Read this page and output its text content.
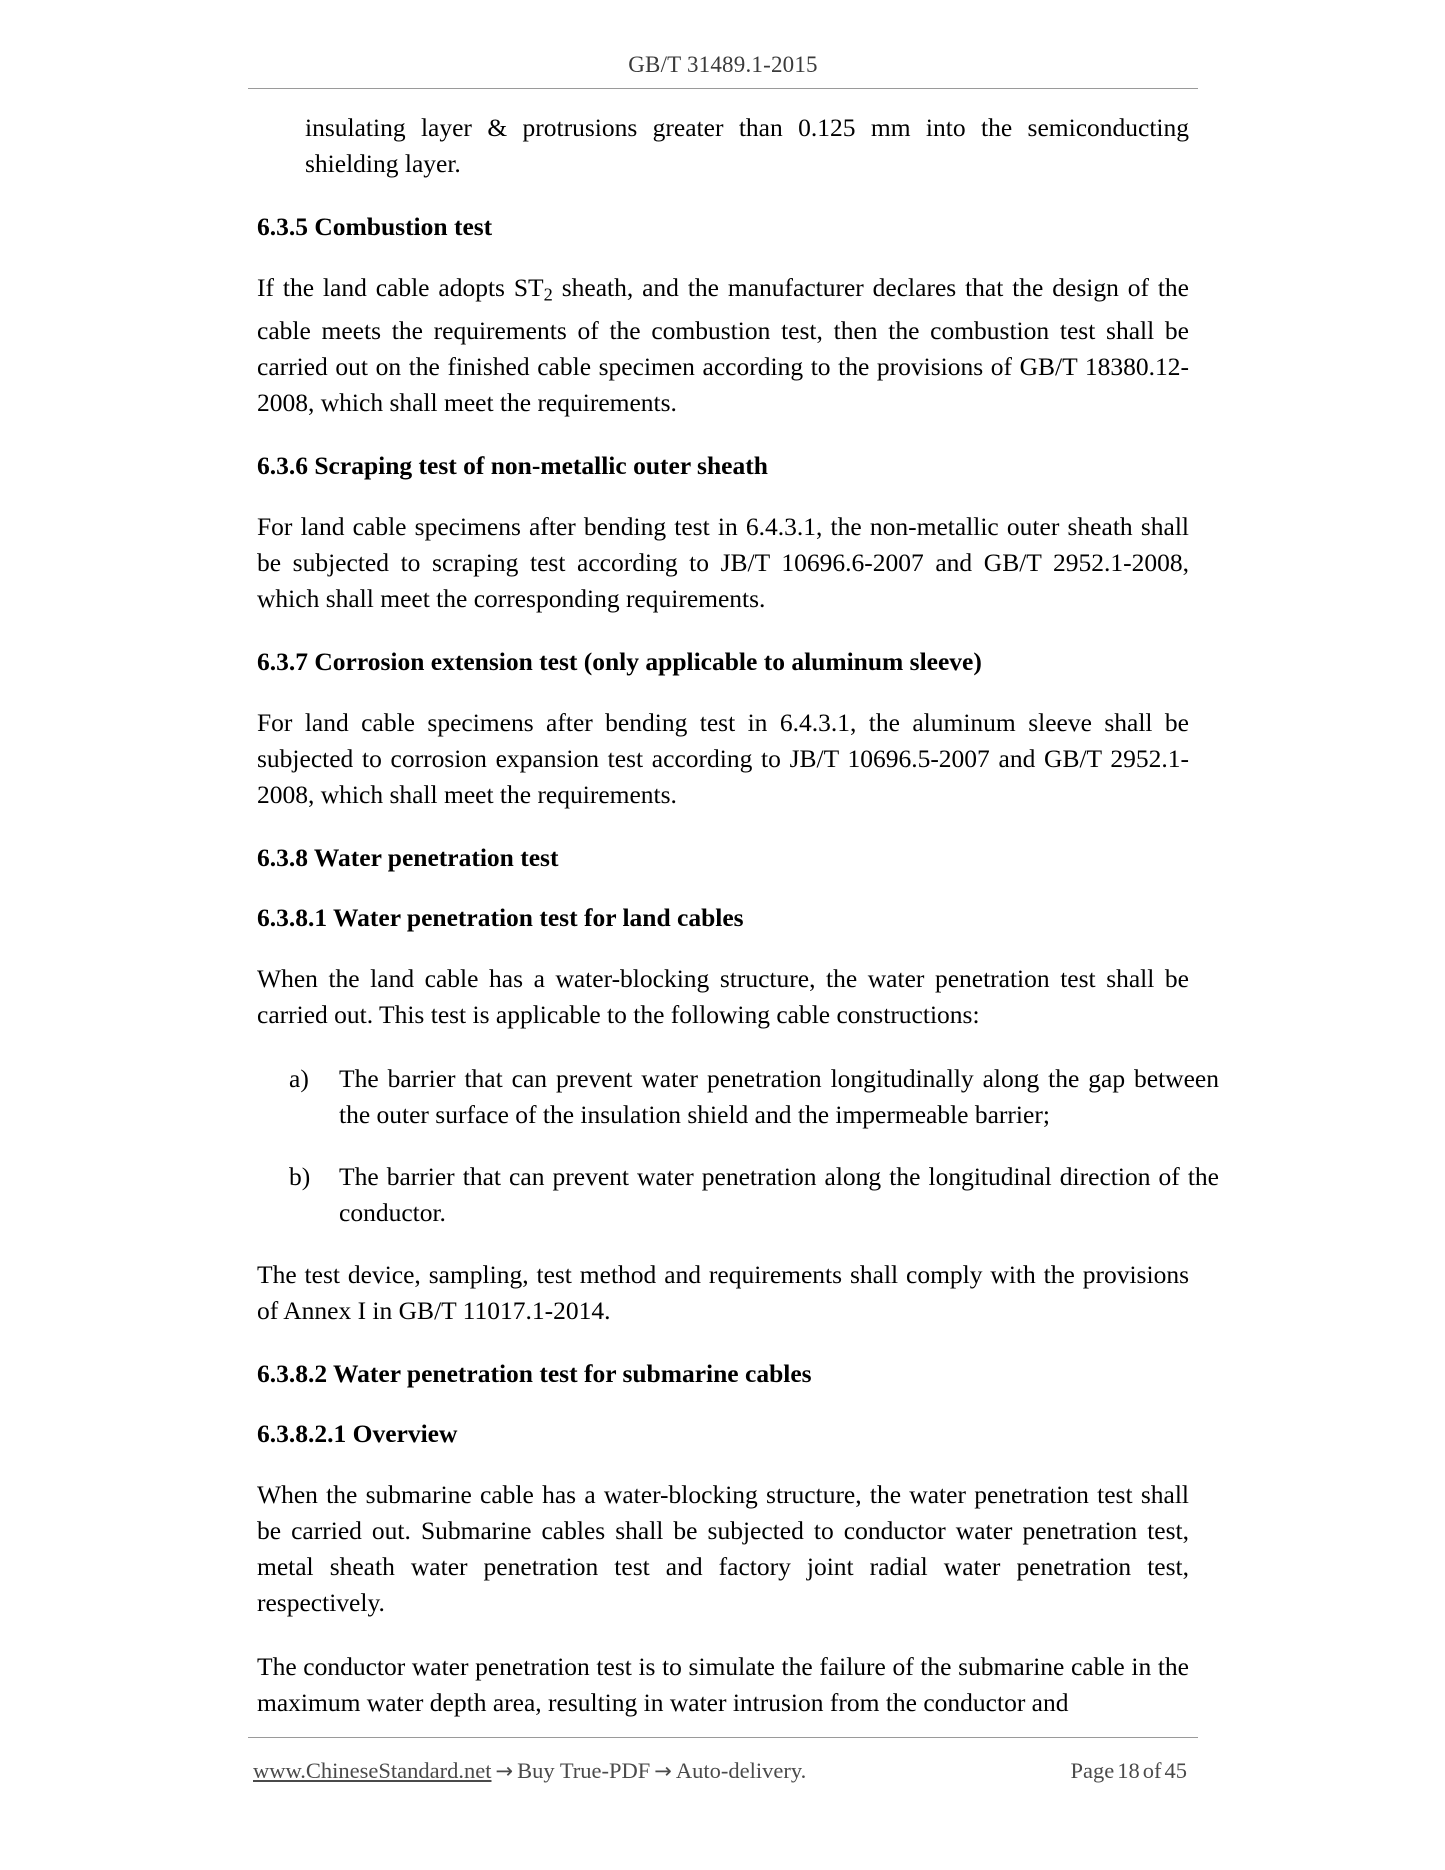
GB/T 31489.1-2015

insulating layer & protrusions greater than 0.125 mm into the semiconducting shielding layer.

6.3.5 Combustion test

If the land cable adopts $ST_2$ sheath, and the manufacturer declares that the design of the cable meets the requirements of the combustion test, then the combustion test shall be carried out on the finished cable specimen according to the provisions of GB/T 18380.12-2008, which shall meet the requirements.

6.3.6 Scraping test of non-metallic outer sheath

For land cable specimens after bending test in 6.4.3.1, the non-metallic outer sheath shall be subjected to scraping test according to JB/T 10696.6-2007 and GB/T 2952.1-2008, which shall meet the corresponding requirements.

6.3.7 Corrosion extension test (only applicable to aluminum sleeve)

For land cable specimens after bending test in 6.4.3.1, the aluminum sleeve shall be subjected to corrosion expansion test according to JB/T 10696.5-2007 and GB/T 2952.1-2008, which shall meet the requirements.

6.3.8 Water penetration test
6.3.8.1 Water penetration test for land cables

When the land cable has a water-blocking structure, the water penetration test shall be carried out. This test is applicable to the following cable constructions:

a)	The barrier that can prevent water penetration longitudinally along the gap between the outer surface of the insulation shield and the impermeable barrier;
b)	The barrier that can prevent water penetration along the longitudinal direction of the conductor.

The test device, sampling, test method and requirements shall comply with the provisions of Annex I in GB/T 11017.1-2014.

6.3.8.2 Water penetration test for submarine cables
6.3.8.2.1 Overview

When the submarine cable has a water-blocking structure, the water penetration test shall be carried out. Submarine cables shall be subjected to conductor water penetration test, metal sheath water penetration test and factory joint radial water penetration test, respectively.

The conductor water penetration test is to simulate the failure of the submarine cable in the maximum water depth area, resulting in water intrusion from the conductor and

www.ChineseStandard.net → Buy True-PDF → Auto-delivery.	Page 18 of 45
